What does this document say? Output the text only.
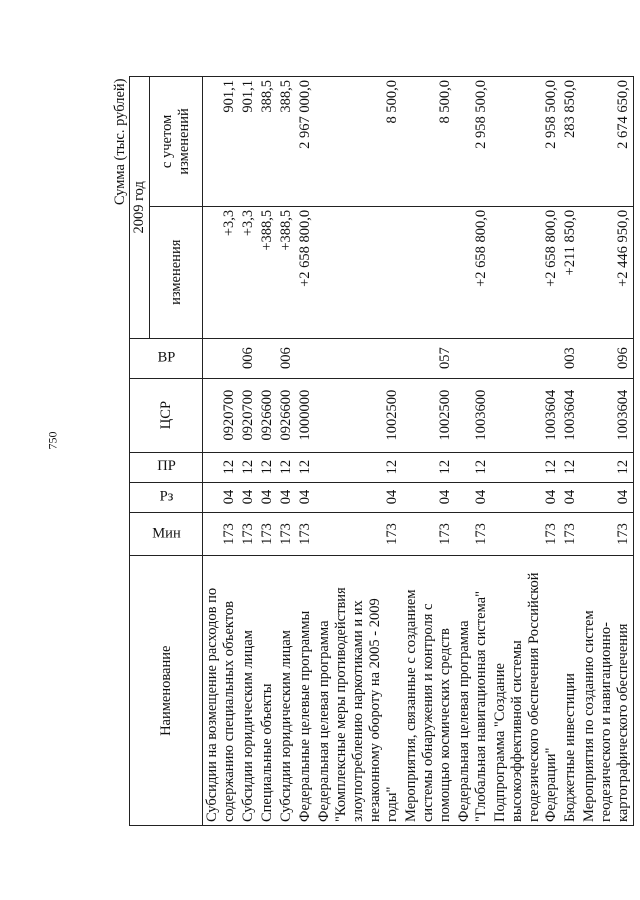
750
						Сумма (тыс. рублей)	
Наименование	Мин	Рз	ПР	ЦСР	ВР	2009 год	
						изменения	с учетом изменений
Субсидии на возмещение расходов по содержанию специальных объектов	173	04	12	0920700		+3,3	901,1
Субсидии юридическим лицам	173	04	12	0920700	006	+3,3	901,1
Специальные объекты	173	04	12	0926600		+388,5	388,5
Субсидии юридическим лицам	173	04	12	0926600	006	+388,5	388,5
Федеральные целевые программы	173	04	12	1000000		+2 658 800,0	2 967 000,0
Федеральная целевая программа "Комплексные меры противодействия злоупотреблению наркотиками и их незаконному обороту на 2005 - 2009 годы"	173	04	12	1002500			8 500,0
Мероприятия, связанные с созданием системы обнаружения и контроля с помощью космических средств	173	04	12	1002500	057		8 500,0
Федеральная целевая программа "Глобальная навигационная система"	173	04	12	1003600		+2 658 800,0	2 958 500,0
Подпрограмма "Создание высокоэффективной системы геодезического обеспечения Российской Федерации"	173	04	12	1003604		+2 658 800,0	2 958 500,0
Бюджетные инвестиции	173	04	12	1003604	003	+211 850,0	283 850,0
Мероприятия по созданию систем геодезического и навигационно-картографического обеспечения	173	04	12	1003604	096	+2 446 950,0	2 674 650,0
